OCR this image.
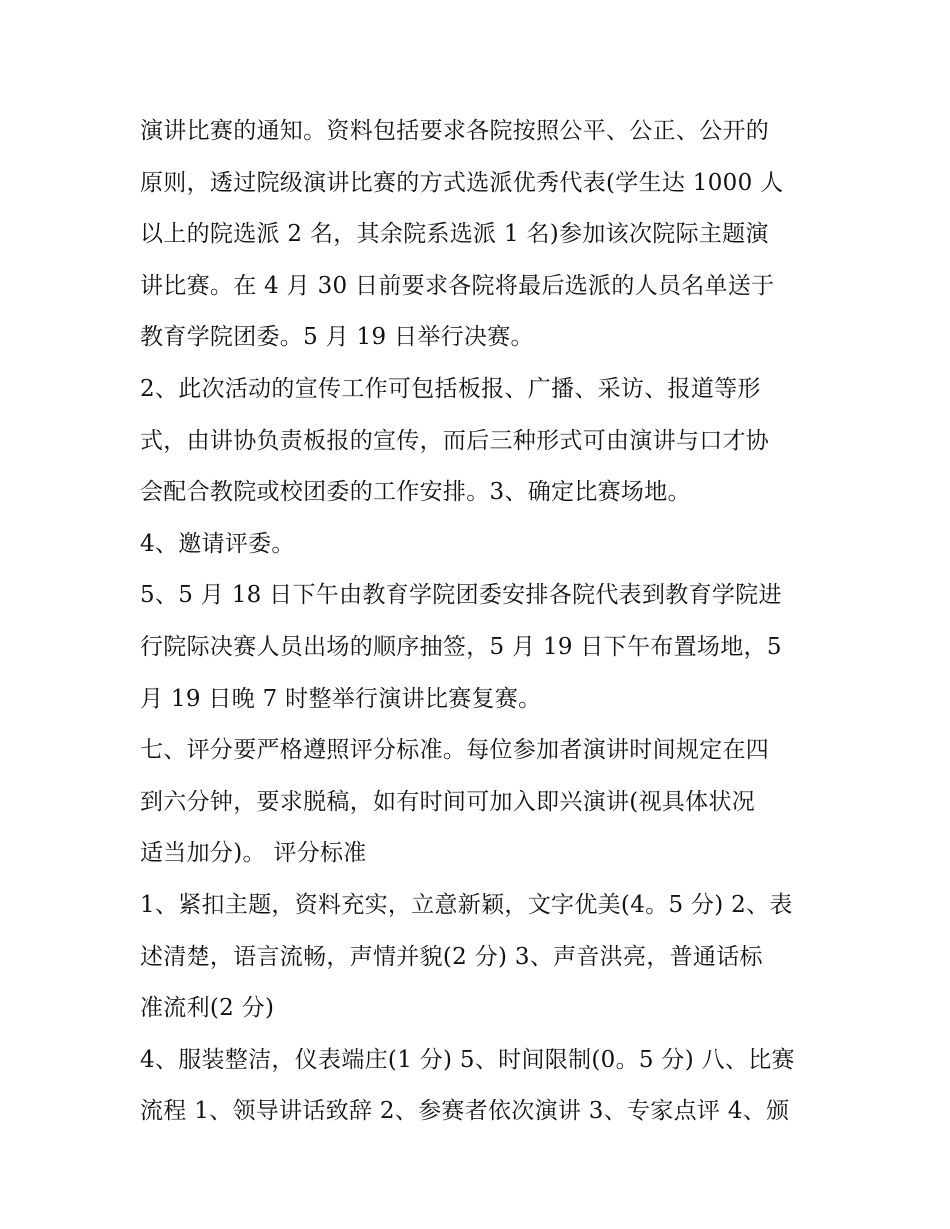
演讲比赛的通知。资料包括要求各院按照公平、公正、公开的
原则，透过院级演讲比赛的方式选派优秀代表(学生达 1000 人
以上的院选派 2 名，其余院系选派 1 名)参加该次院际主题演
讲比赛。在 4 月 30 日前要求各院将最后选派的人员名单送于
教育学院团委。5 月 19 日举行决赛。
2、此次活动的宣传工作可包括板报、广播、采访、报道等形
式，由讲协负责板报的宣传，而后三种形式可由演讲与口才协
会配合教院或校团委的工作安排。3、确定比赛场地。
4、邀请评委。
5、5 月 18 日下午由教育学院团委安排各院代表到教育学院进
行院际决赛人员出场的顺序抽签，5 月 19 日下午布置场地，5
月 19 日晚 7 时整举行演讲比赛复赛。
七、评分要严格遵照评分标准。每位参加者演讲时间规定在四
到六分钟，要求脱稿，如有时间可加入即兴演讲(视具体状况
适当加分)。 评分标准
1、紧扣主题，资料充实，立意新颖，文字优美(4。5 分) 2、表
述清楚，语言流畅，声情并貌(2 分) 3、声音洪亮，普通话标
准流利(2 分)
4、服装整洁，仪表端庄(1 分) 5、时间限制(0。5 分) 八、比赛
流程 1、领导讲话致辞 2、参赛者依次演讲 3、专家点评 4、颁
